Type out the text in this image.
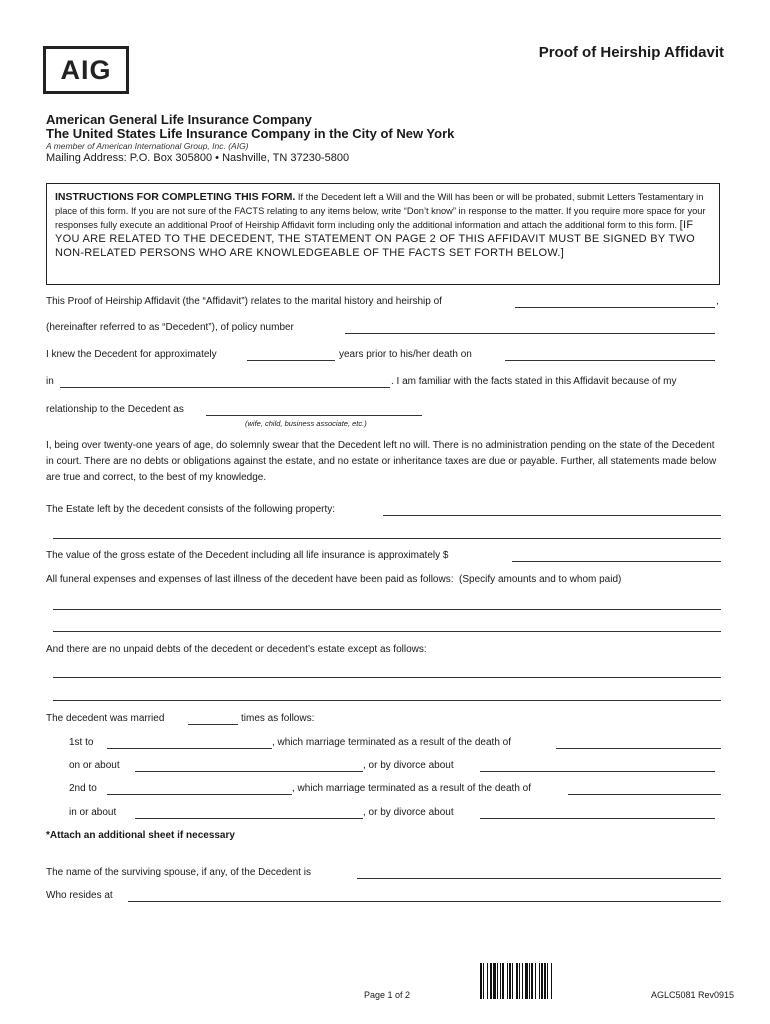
AIG
Proof of Heirship Affidavit
American General Life Insurance Company
The United States Life Insurance Company in the City of New York
A member of American International Group, Inc. (AIG)
Mailing Address: P.O. Box 305800 • Nashville, TN 37230-5800
INSTRUCTIONS FOR COMPLETING THIS FORM. If the Decedent left a Will and the Will has been or will be probated, submit Letters Testamentary in place of this form. If you are not sure of the FACTS relating to any items below, write “Don’t know” in response to the matter. If you require more space for your responses fully execute an additional Proof of Heirship Affidavit form including only the additional information and attach the additional form to this form. [IF YOU ARE RELATED TO THE DECEDENT, THE STATEMENT ON PAGE 2 OF THIS AFFIDAVIT MUST BE SIGNED BY TWO NON-RELATED PERSONS WHO ARE KNOWLEDGEABLE OF THE FACTS SET FORTH BELOW.]
This Proof of Heirship Affidavit (the “Affidavit”) relates to the marital history and heirship of	,
(hereinafter referred to as “Decedent”), of policy number
I knew the Decedent for approximately	years prior to his/her death on
in	. I am familiar with the facts stated in this Affidavit because of my
relationship to the Decedent as
(wife, child, business associate, etc.)
I, being over twenty-one years of age, do solemnly swear that the Decedent left no will. There is no administration pending on the state of the Decedent in court. There are no debts or obligations against the estate, and no estate or inheritance taxes are due or payable. Further, all statements made below are true and correct, to the best of my knowledge.
The Estate left by the decedent consists of the following property:
The value of the gross estate of the Decedent including all life insurance is approximately $
All funeral expenses and expenses of last illness of the decedent have been paid as follows:  (Specify amounts and to whom paid)
And there are no unpaid debts of the decedent or decedent’s estate except as follows:
The decedent was married	times as follows:
1st to	, which marriage terminated as a result of the death of
on or about	, or by divorce about
2nd to	, which marriage terminated as a result of the death of
in or about	, or by divorce about
*Attach an additional sheet if necessary
The name of the surviving spouse, if any, of the Decedent is
Who resides at
Page 1 of 2	AGLC5081 Rev0915
